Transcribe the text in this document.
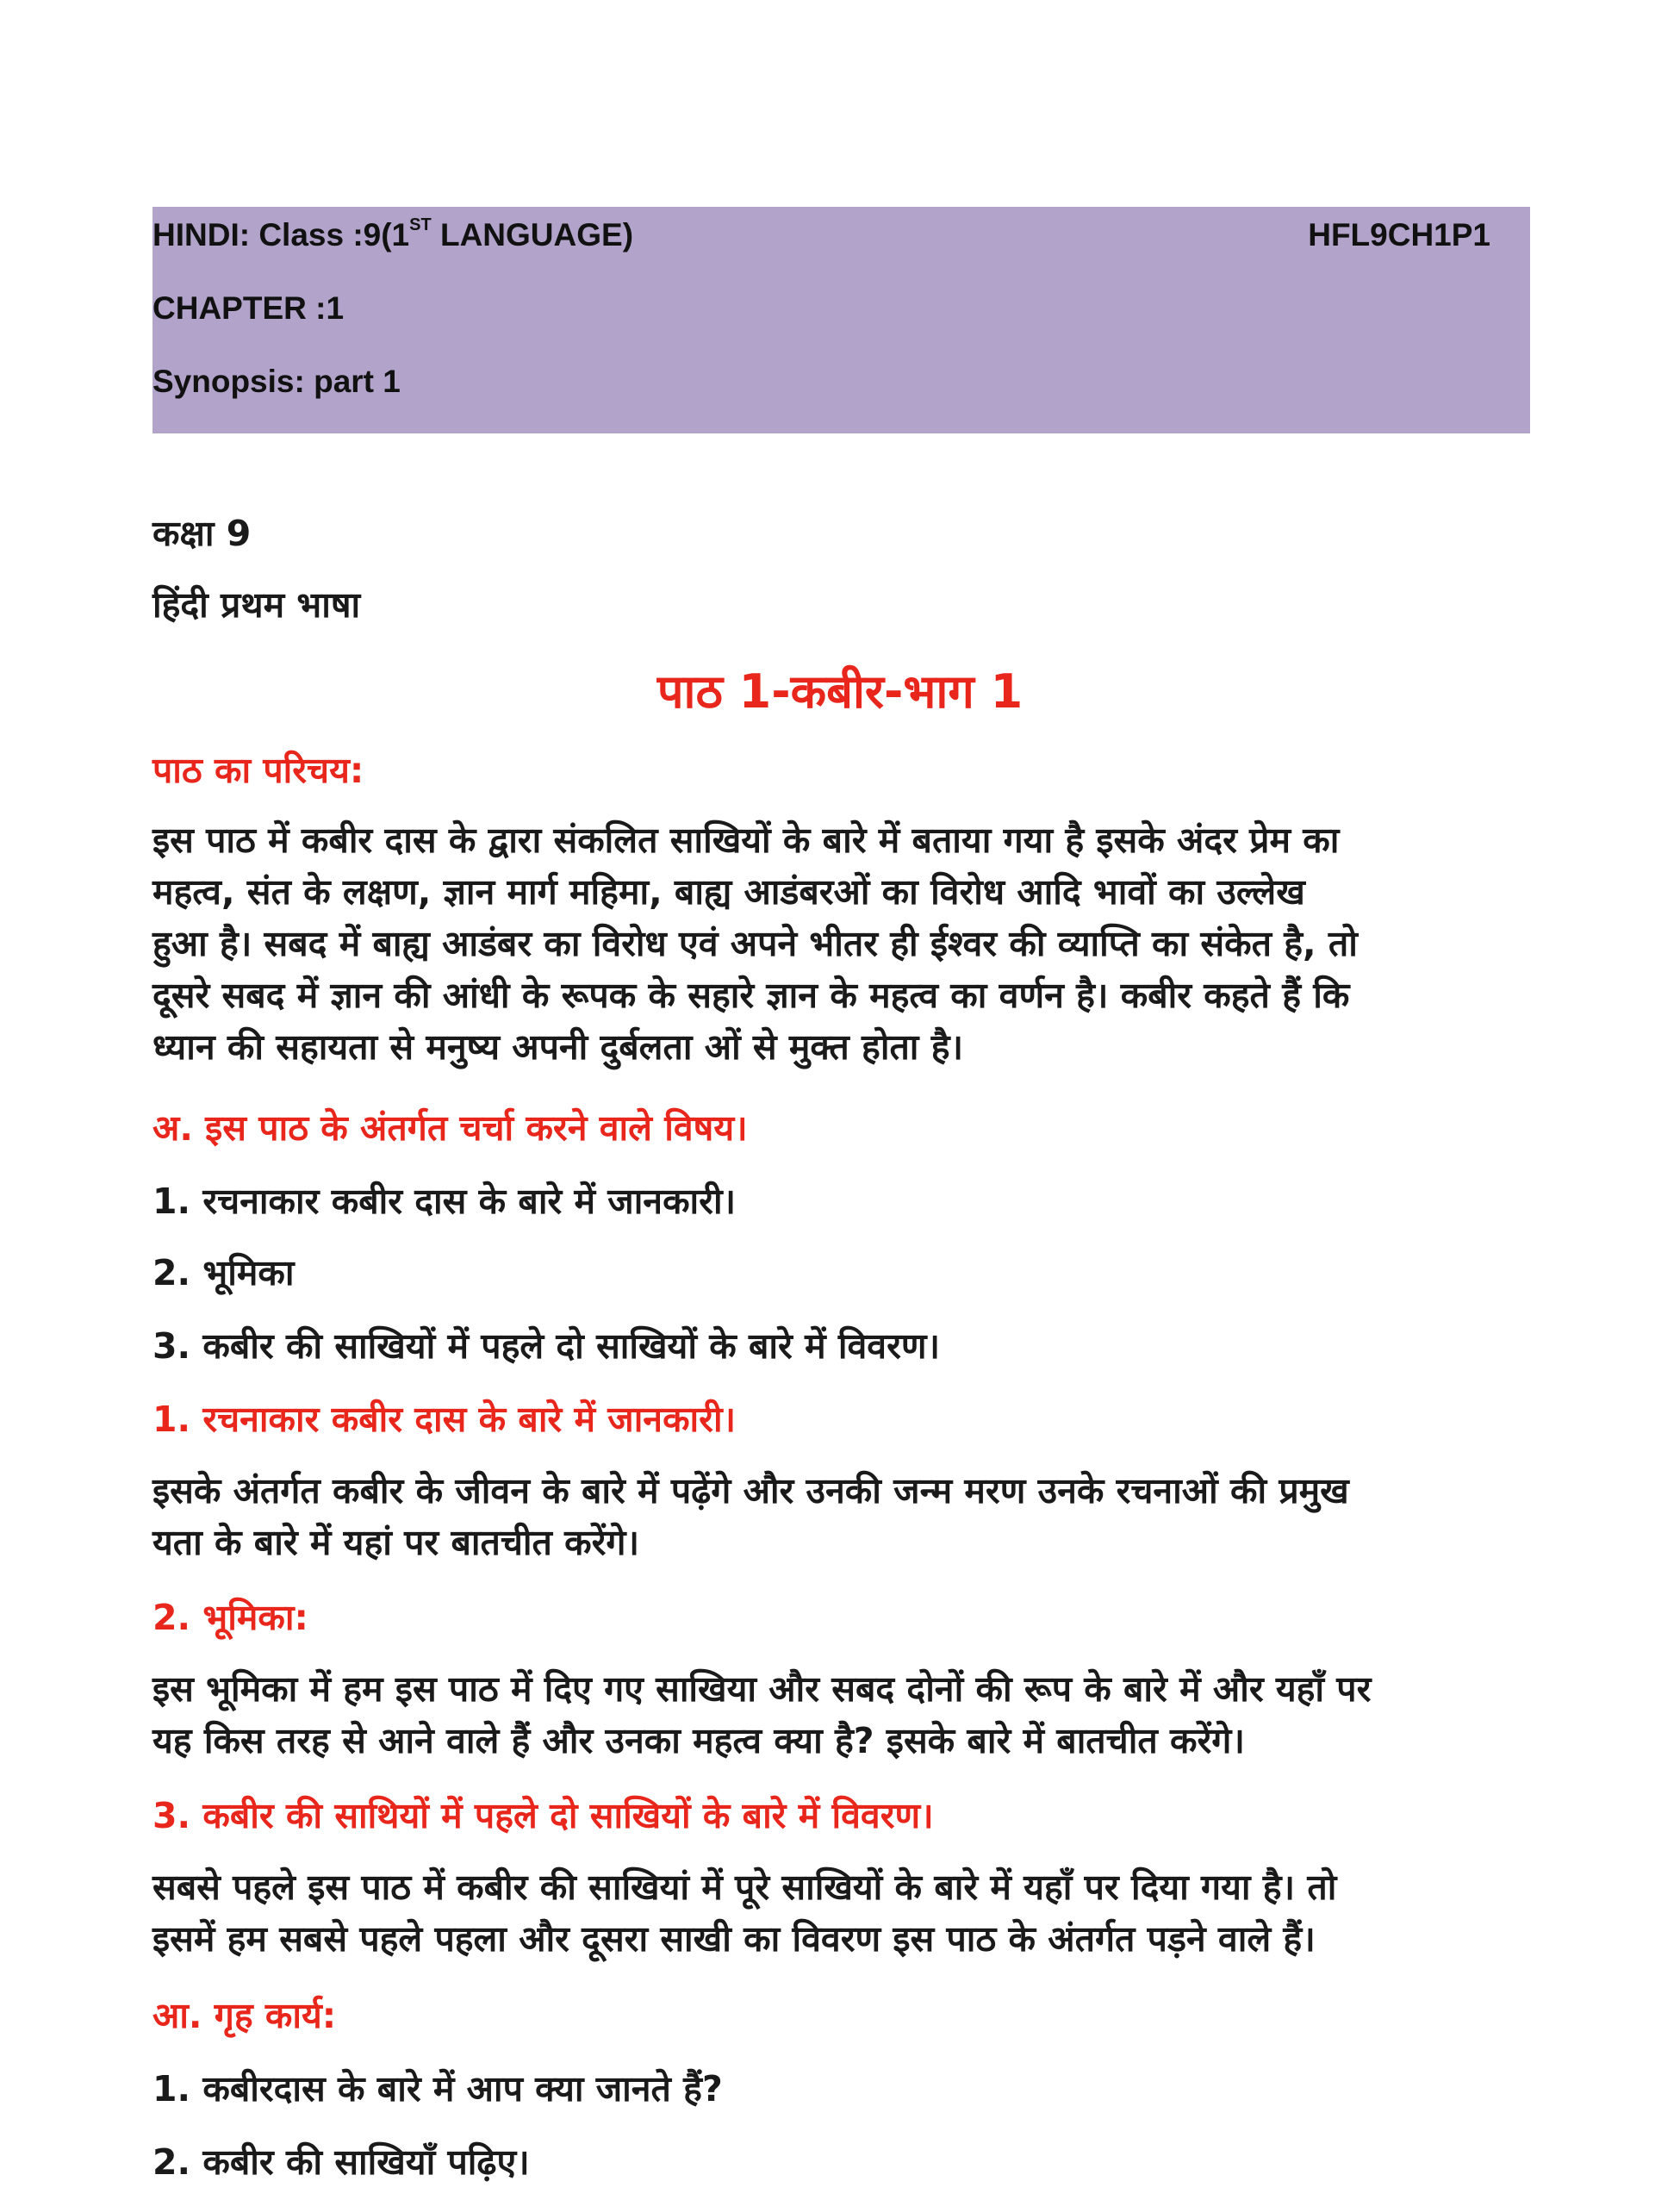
HINDI: Class :9(1ST LANGUAGE)	HFL9CH1P1
CHAPTER :1
Synopsis: part 1
कक्षा 9
हिंदी प्रथम भाषा
पाठ 1-कबीर-भाग 1
पाठ का परिचय:
इस पाठ में कबीर दास के द्वारा संकलित साखियों के बारे में बताया गया है इसके अंदर प्रेम का
महत्व, संत के लक्षण, ज्ञान मार्ग महिमा, बाह्य आडंबरओं का विरोध आदि भावों का उल्लेख
हुआ है। सबद में बाह्य आडंबर का विरोध एवं अपने भीतर ही ईश्वर की व्याप्ति का संकेत है, तो
दूसरे सबद में ज्ञान की आंधी के रूपक के सहारे ज्ञान के महत्व का वर्णन है। कबीर कहते हैं कि
ध्यान की सहायता से मनुष्य अपनी दुर्बलता ओं से मुक्त होता है।
अ. इस पाठ के अंतर्गत चर्चा करने वाले विषय।
1. रचनाकार कबीर दास के बारे में जानकारी।
2. भूमिका
3. कबीर की साखियों में पहले दो साखियों के बारे में विवरण।
1. रचनाकार कबीर दास के बारे में जानकारी।
इसके अंतर्गत कबीर के जीवन के बारे में पढ़ेंगे और उनकी जन्म मरण उनके रचनाओं की प्रमुख
यता के बारे में यहां पर बातचीत करेंगे।
2. भूमिका:
इस भूमिका में हम इस पाठ में दिए गए साखिया और सबद दोनों की रूप के बारे में और यहाँ पर
यह किस तरह से आने वाले हैं और उनका महत्व क्या है? इसके बारे में बातचीत करेंगे।
3. कबीर की साथियों में पहले दो साखियों के बारे में विवरण।
सबसे पहले इस पाठ में कबीर की साखियां में पूरे साखियों के बारे में यहाँ पर दिया गया है। तो
इसमें हम सबसे पहले पहला और दूसरा साखी का विवरण इस पाठ के अंतर्गत पड़ने वाले हैं।
आ. गृह कार्य:
1. कबीरदास के बारे में आप क्या जानते हैं?
2. कबीर की साखियाँ पढ़िए।
